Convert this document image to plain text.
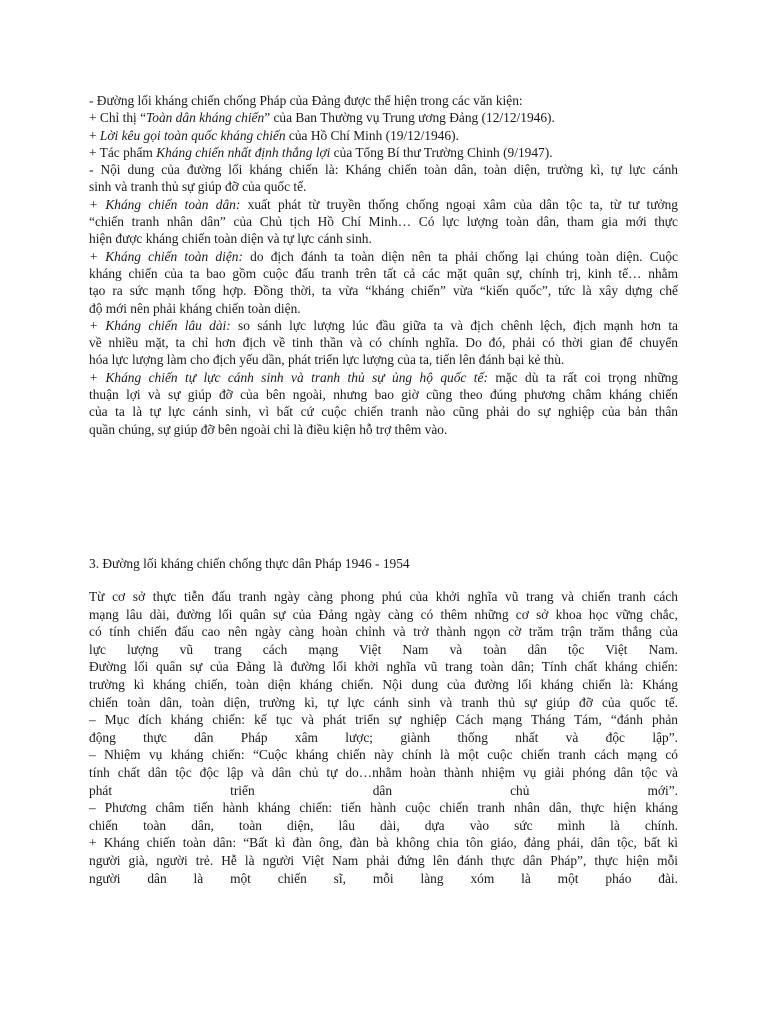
- Đường lối kháng chiến chống Pháp của Đảng được thể hiện trong các văn kiện:
+ Chỉ thị “Toàn dân kháng chiến” của Ban Thường vụ Trung ương Đảng (12/12/1946).
+ Lời kêu gọi toàn quốc kháng chiến của Hồ Chí Minh (19/12/1946).
+ Tác phẩm Kháng chiến nhất định thắng lợi của Tổng Bí thư Trường Chinh (9/1947).
- Nội dung của đường lối kháng chiến là: Kháng chiến toàn dân, toàn diện, trường kì, tự lực cánh
sinh và tranh thủ sự giúp đỡ của quốc tế.
+ Kháng chiến toàn dân: xuất phát từ truyền thống chống ngoại xâm của dân tộc ta, từ tư tưởng
“chiến tranh nhân dân” của Chủ tịch Hồ Chí Minh… Có lực lượng toàn dân, tham gia mới thực
hiện được kháng chiến toàn diện và tự lực cánh sinh.
+ Kháng chiến toàn diện: do địch đánh ta toàn diện nên ta phải chống lại chúng toàn diện. Cuộc
kháng chiến của ta bao gồm cuộc đấu tranh trên tất cả các mặt quân sự, chính trị, kinh tế… nhằm
tạo ra sức mạnh tổng hợp. Đồng thời, ta vừa “kháng chiến” vừa “kiến quốc”, tức là xây dựng chế
độ mới nên phải kháng chiến toàn diện.
+ Kháng chiến lâu dài: so sánh lực lượng lúc đầu giữa ta và địch chênh lệch, địch mạnh hơn ta
về nhiều mặt, ta chỉ hơn địch về tinh thần và có chính nghĩa. Do đó, phải có thời gian để chuyển
hóa lực lượng làm cho địch yếu dần, phát triển lực lượng của ta, tiến lên đánh bại kẻ thù.
+ Kháng chiến tự lực cánh sinh và tranh thủ sự ủng hộ quốc tế: mặc dù ta rất coi trọng những
thuận lợi và sự giúp đỡ của bên ngoài, nhưng bao giờ cũng theo đúng phương châm kháng chiến
của ta là tự lực cánh sinh, vì bất cứ cuộc chiến tranh nào cũng phải do sự nghiệp của bản thân
quần chúng, sự giúp đỡ bên ngoài chỉ là điều kiện hỗ trợ thêm vào.
3. Đường lối kháng chiến chống thực dân Pháp 1946 - 1954
Từ cơ sở thực tiễn đấu tranh ngày càng phong phú của khởi nghĩa vũ trang và chiến tranh cách
mạng lâu dài, đường lối quân sự của Đảng ngày càng có thêm những cơ sở khoa học vững chắc,
có tính chiến đấu cao nên ngày càng hoàn chỉnh và trở thành ngọn cờ trăm trận trăm thắng của
lực lượng vũ trang cách mạng Việt Nam và toàn dân tộc Việt Nam.
Đường lối quân sự của Đảng là đường lối khởi nghĩa vũ trang toàn dân; Tính chất kháng chiến:
trường kì kháng chiến, toàn diện kháng chiến. Nội dung của đường lối kháng chiến là: Kháng
chiến toàn dân, toàn diện, trường kì, tự lực cánh sinh và tranh thủ sự giúp đỡ của quốc tế.
– Mục đích kháng chiến: kế tục và phát triển sự nghiệp Cách mạng Tháng Tám, “đánh phản
động thực dân Pháp xâm lược; giành thống nhất và độc lập”.
– Nhiệm vụ kháng chiến: “Cuộc kháng chiến này chính là một cuộc chiến tranh cách mạng có
tính chất dân tộc độc lập và dân chủ tự do…nhằm hoàn thành nhiệm vụ giải phóng dân tộc và
phát triển dân chủ mới”.
– Phương châm tiến hành kháng chiến: tiến hành cuộc chiến tranh nhân dân, thực hiện kháng
chiến toàn dân, toàn diện, lâu dài, dựa vào sức mình là chính.
+ Kháng chiến toàn dân: “Bất kì đàn ông, đàn bà không chia tôn giáo, đảng phái, dân tộc, bất kì
người già, người trẻ. Hễ là người Việt Nam phải đứng lên đánh thực dân Pháp”, thực hiện mỗi
người dân là một chiến sĩ, mỗi làng xóm là một pháo đài.
